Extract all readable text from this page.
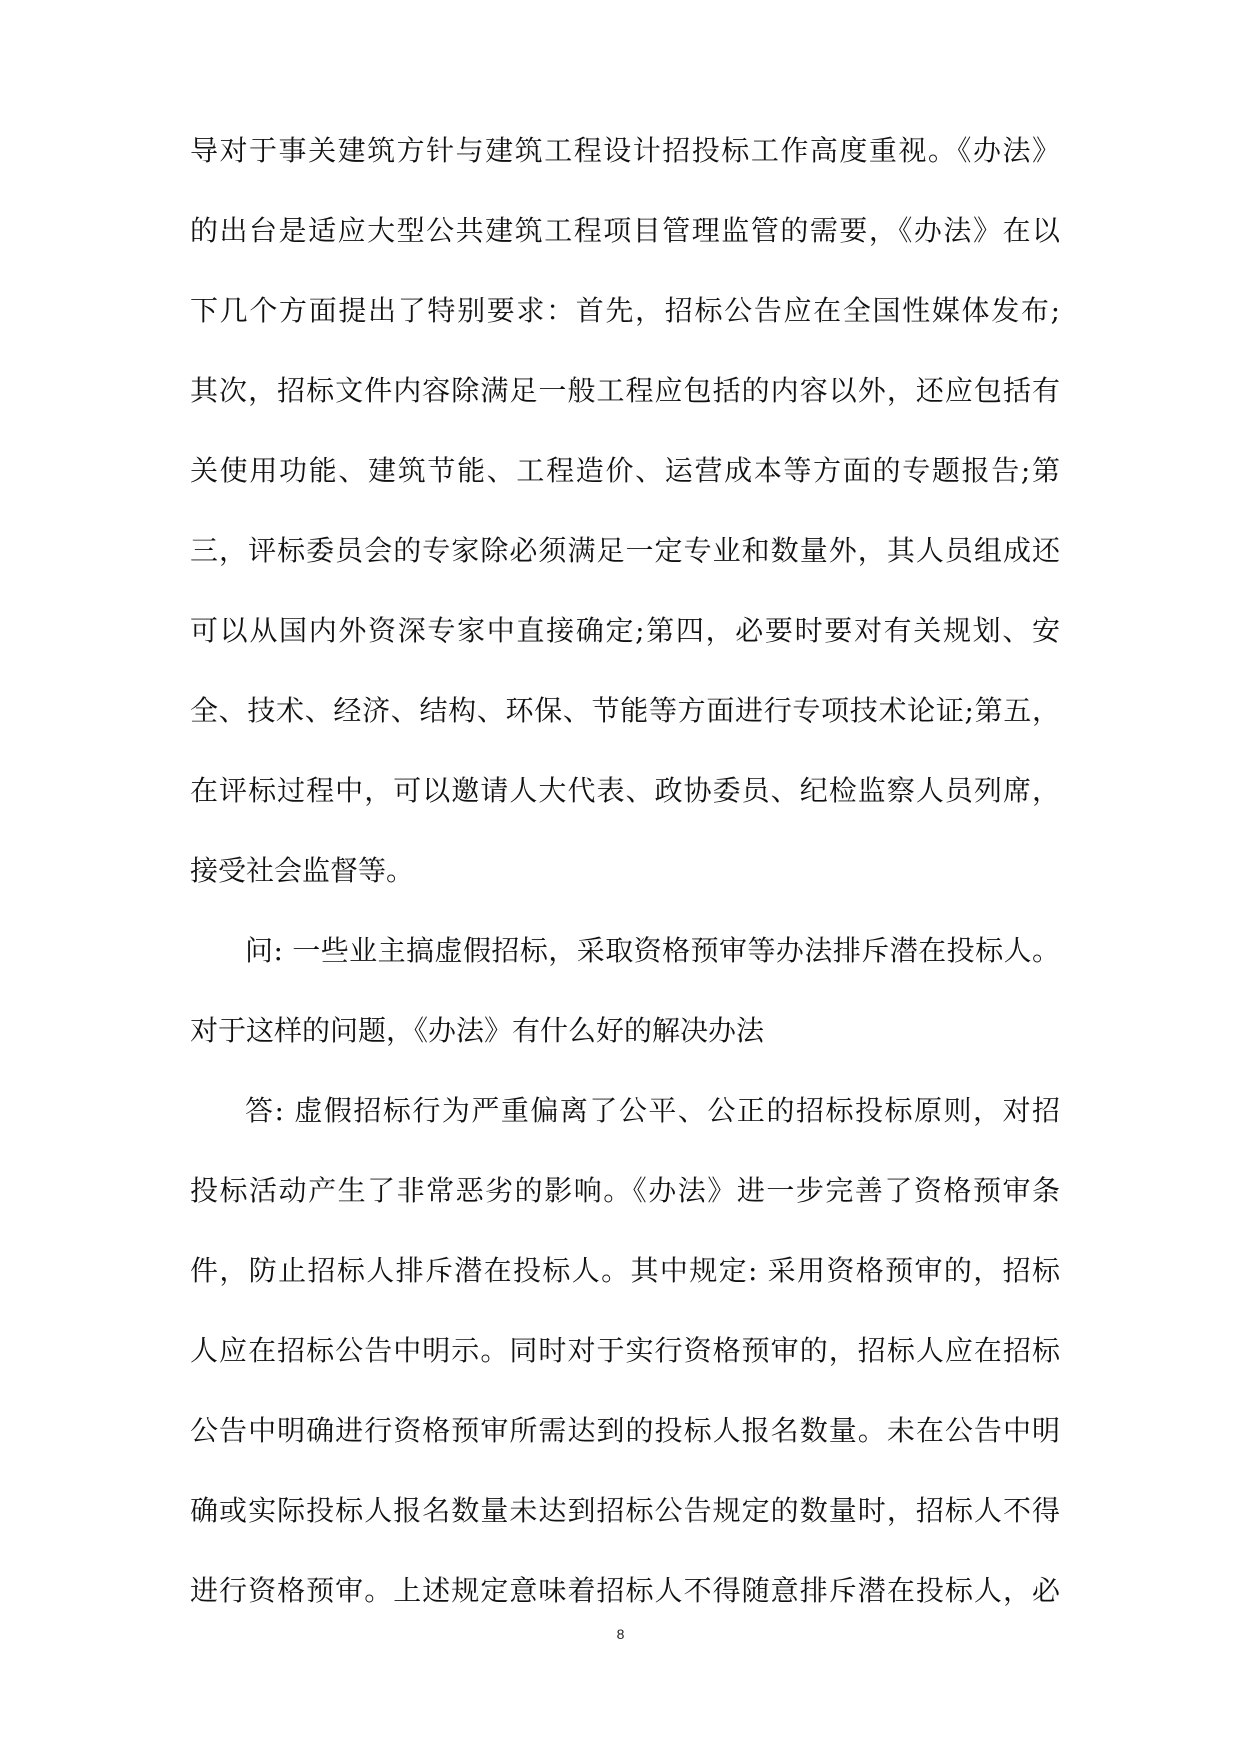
导对于事关建筑方针与建筑工程设计招投标工作高度重视。《办法》
的出台是适应大型公共建筑工程项目管理监管的需要，《办法》在以
下几个方面提出了特别要求：首先，招标公告应在全国性媒体发布;
其次，招标文件内容除满足一般工程应包括的内容以外，还应包括有
关使用功能、建筑节能、工程造价、运营成本等方面的专题报告;第
三，评标委员会的专家除必须满足一定专业和数量外，其人员组成还
可以从国内外资深专家中直接确定;第四，必要时要对有关规划、安
全、技术、经济、结构、环保、节能等方面进行专项技术论证;第五，
在评标过程中，可以邀请人大代表、政协委员、纪检监察人员列席，
接受社会监督等。
问: 一些业主搞虚假招标，采取资格预审等办法排斥潜在投标人。
对于这样的问题，《办法》有什么好的解决办法
答: 虚假招标行为严重偏离了公平、公正的招标投标原则，对招
投标活动产生了非常恶劣的影响。《办法》进一步完善了资格预审条
件，防止招标人排斥潜在投标人。其中规定: 采用资格预审的，招标
人应在招标公告中明示。同时对于实行资格预审的，招标人应在招标
公告中明确进行资格预审所需达到的投标人报名数量。未在公告中明
确或实际投标人报名数量未达到招标公告规定的数量时，招标人不得
进行资格预审。上述规定意味着招标人不得随意排斥潜在投标人，必
8
